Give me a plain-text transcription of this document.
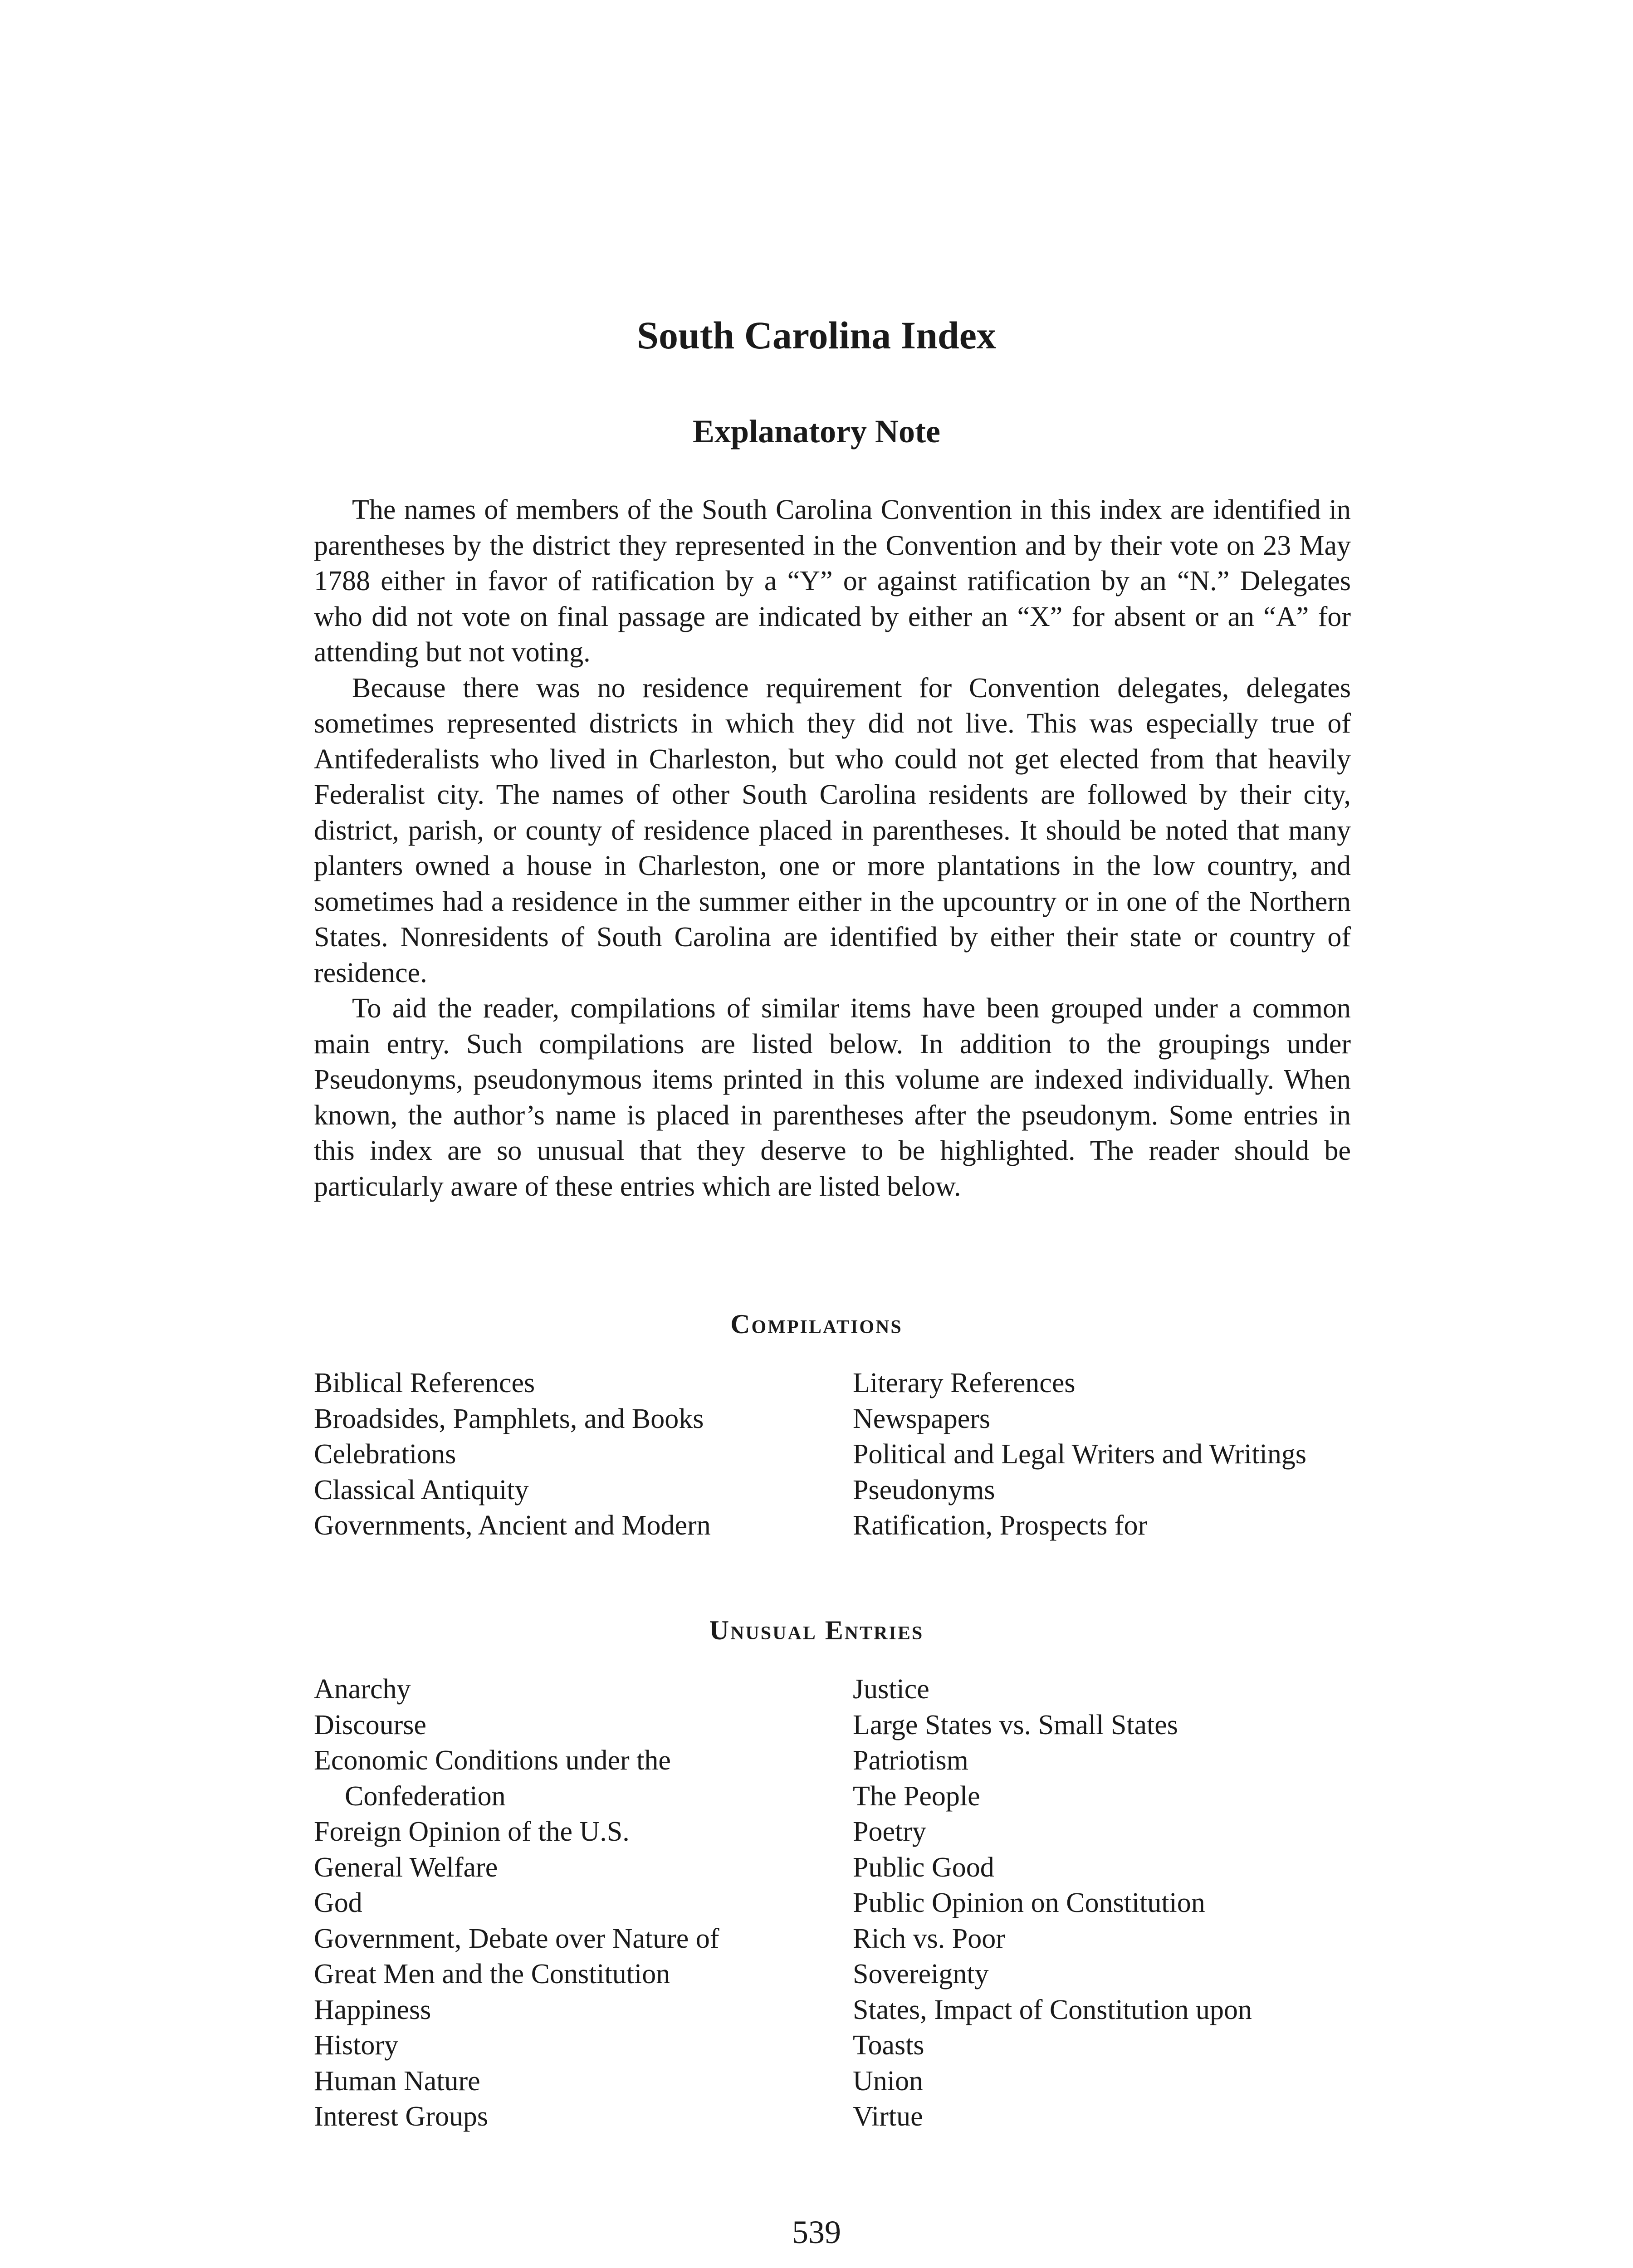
South Carolina Index
Explanatory Note

The names of members of the South Carolina Convention in this index are identified in parentheses by the district they represented in the Convention and by their vote on 23 May 1788 either in favor of ratification by a “Y” or against ratification by an “N.” Delegates who did not vote on final passage are indicated by either an “X” for absent or an “A” for attending but not voting.

Because there was no residence requirement for Convention delegates, delegates sometimes represented districts in which they did not live. This was especially true of Antifederalists who lived in Charleston, but who could not get elected from that heavily Federalist city. The names of other South Carolina residents are followed by their city, district, parish, or county of residence placed in parentheses. It should be noted that many planters owned a house in Charleston, one or more plantations in the low country, and sometimes had a residence in the summer either in the upcountry or in one of the Northern States. Nonresidents of South Carolina are identified by either their state or country of residence.

To aid the reader, compilations of similar items have been grouped under a common main entry. Such compilations are listed below. In addition to the groupings under Pseudonyms, pseudonymous items printed in this volume are indexed individually. When known, the author’s name is placed in parentheses after the pseudonym. Some entries in this index are so unusual that they deserve to be highlighted. The reader should be particularly aware of these entries which are listed below.

Compilations
Biblical References
Broadsides, Pamphlets, and Books
Celebrations
Classical Antiquity
Governments, Ancient and Modern
Literary References
Newspapers
Political and Legal Writers and Writings
Pseudonyms
Ratification, Prospects for
Unusual Entries
Anarchy
Discourse
Economic Conditions under the Confederation
Foreign Opinion of the U.S.
General Welfare
God
Government, Debate over Nature of
Great Men and the Constitution
Happiness
History
Human Nature
Interest Groups
Justice
Large States vs. Small States
Patriotism
The People
Poetry
Public Good
Public Opinion on Constitution
Rich vs. Poor
Sovereignty
States, Impact of Constitution upon
Toasts
Union
Virtue
539
